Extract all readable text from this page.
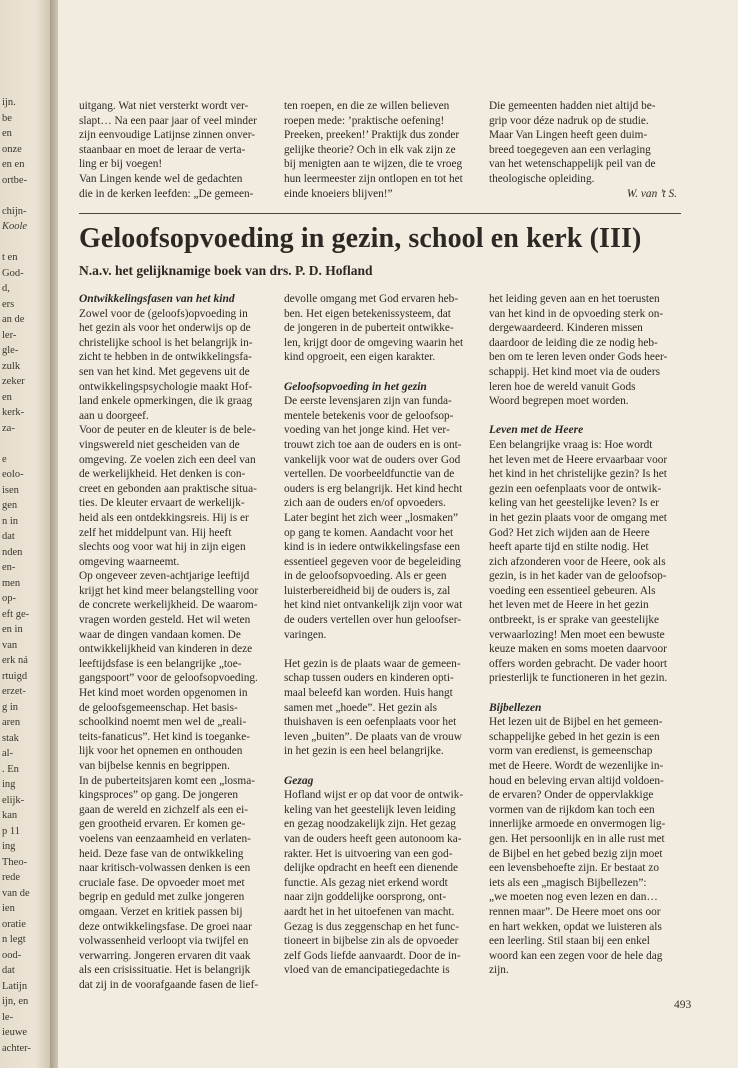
ijn.
be
en
onze
en en
ortbe-
chijn-
Koole
t en
God-
d,
ers
an de
ler-
gle-
zulk
zeker
en
kerk-
za-
e
eolo-
isen
gen
n in
dat
nden
en-
men
op-
eft ge-
en in
van
erk ná
rtuigd
erzet-
g in
aren
stak
al-
. En
ing
elijk-
kan
p 11
ing
Theo-
rede
van de
ien
oratie
n legt
ood-
dat
Latijn
ijn, en
le-
ieuwe
achter-

uitgang. Wat niet versterkt wordt ver-

slapt… Na een paar jaar of veel minder

zijn eenvoudige Latijnse zinnen onver-

staanbaar en moet de leraar de verta-

ling er bij voegen!

Van Lingen kende wel de gedachten

die in de kerken leefden: „De gemeen-

ten roepen, en die ze willen believen

roepen mede: ’praktische oefening!

Preeken, preeken!’ Praktijk dus zonder

gelijke theorie? Och in elk vak zijn ze

bij menigten aan te wijzen, die te vroeg

hun leermeester zijn ontlopen en tot het

einde knoeiers blijven!”

Die gemeenten hadden niet altijd be-

grip voor déze nadruk op de studie.

Maar Van Lingen heeft geen duim-

breed toegegeven aan een verlaging

van het wetenschappelijk peil van de

theologische opleiding.

W. van ’t S.

Geloofsopvoeding in gezin, school en kerk (III)
N.a.v. het gelijknamige boek van drs. P. D. Hofland

Ontwikkelingsfasen van het kind

Zowel voor de (geloofs)opvoeding in

het gezin als voor het onderwijs op de

christelijke school is het belangrijk in-

zicht te hebben in de ontwikkelingsfa-

sen van het kind. Met gegevens uit de

ontwikkelingspsychologie maakt Hof-

land enkele opmerkingen, die ik graag

aan u doorgeef.

Voor de peuter en de kleuter is de bele-

vingswereld niet gescheiden van de

omgeving. Ze voelen zich een deel van

de werkelijkheid. Het denken is con-

creet en gebonden aan praktische situa-

ties. De kleuter ervaart de werkelijk-

heid als een ontdekkingsreis. Hij is er

zelf het middelpunt van. Hij heeft

slechts oog voor wat hij in zijn eigen

omgeving waarneemt.

Op ongeveer zeven-achtjarige leeftijd

krijgt het kind meer belangstelling voor

de concrete werkelijkheid. De waarom-

vragen worden gesteld. Het wil weten

waar de dingen vandaan komen. De

ontwikkelijkheid van kinderen in deze

leeftijdsfase is een belangrijke „toe-

gangspoort” voor de geloofsopvoeding.

Het kind moet worden opgenomen in

de geloofsgemeenschap. Het basis-

schoolkind noemt men wel de „reali-

teits-fanaticus”. Het kind is toeganke-

lijk voor het opnemen en onthouden

van bijbelse kennis en begrippen.

In de puberteitsjaren komt een „losma-

kingsproces” op gang. De jongeren

gaan de wereld en zichzelf als een ei-

gen grootheid ervaren. Er komen ge-

voelens van eenzaamheid en verlaten-

heid. Deze fase van de ontwikkeling

naar kritisch-volwassen denken is een

cruciale fase. De opvoeder moet met

begrip en geduld met zulke jongeren

omgaan. Verzet en kritiek passen bij

deze ontwikkelingsfase. De groei naar

volwassenheid verloopt via twijfel en

verwarring. Jongeren ervaren dit vaak

als een crisissituatie. Het is belangrijk

dat zij in de voorafgaande fasen de lief-

devolle omgang met God ervaren heb-

ben. Het eigen betekenissysteem, dat

de jongeren in de puberteit ontwikke-

len, krijgt door de omgeving waarin het

kind opgroeit, een eigen karakter.

Geloofsopvoeding in het gezin

De eerste levensjaren zijn van funda-

mentele betekenis voor de geloofsop-

voeding van het jonge kind. Het ver-

trouwt zich toe aan de ouders en is ont-

vankelijk voor wat de ouders over God

vertellen. De voorbeeldfunctie van de

ouders is erg belangrijk. Het kind hecht

zich aan de ouders en/of opvoeders.

Later begint het zich weer „losmaken”

op gang te komen. Aandacht voor het

kind is in iedere ontwikkelingsfase een

essentieel gegeven voor de begeleiding

in de geloofsopvoeding. Als er geen

luisterbereidheid bij de ouders is, zal

het kind niet ontvankelijk zijn voor wat

de ouders vertellen over hun geloofser-

varingen.

Het gezin is de plaats waar de gemeen-

schap tussen ouders en kinderen opti-

maal beleefd kan worden. Huis hangt

samen met „hoede”. Het gezin als

thuishaven is een oefenplaats voor het

leven „buiten”. De plaats van de vrouw

in het gezin is een heel belangrijke.

Gezag

Hofland wijst er op dat voor de ontwik-

keling van het geestelijk leven leiding

en gezag noodzakelijk zijn. Het gezag

van de ouders heeft geen autonoom ka-

rakter. Het is uitvoering van een god-

delijke opdracht en heeft een dienende

functie. Als gezag niet erkend wordt

naar zijn goddelijke oorsprong, ont-

aardt het in het uitoefenen van macht.

Gezag is dus zeggenschap en het func-

tioneert in bijbelse zin als de opvoeder

zelf Gods liefde aanvaardt. Door de in-

vloed van de emancipatiegedachte is

het leiding geven aan en het toerusten

van het kind in de opvoeding sterk on-

dergewaardeerd. Kinderen missen

daardoor de leiding die ze nodig heb-

ben om te leren leven onder Gods heer-

schappij. Het kind moet via de ouders

leren hoe de wereld vanuit Gods

Woord begrepen moet worden.

Leven met de Heere

Een belangrijke vraag is: Hoe wordt

het leven met de Heere ervaarbaar voor

het kind in het christelijke gezin? Is het

gezin een oefenplaats voor de ontwik-

keling van het geestelijke leven? Is er

in het gezin plaats voor de omgang met

God? Het zich wijden aan de Heere

heeft aparte tijd en stilte nodig. Het

zich afzonderen voor de Heere, ook als

gezin, is in het kader van de geloofsop-

voeding een essentieel gebeuren. Als

het leven met de Heere in het gezin

ontbreekt, is er sprake van geestelijke

verwaarlozing! Men moet een bewuste

keuze maken en soms moeten daarvoor

offers worden gebracht. De vader hoort

priesterlijk te functioneren in het gezin.

Bijbellezen

Het lezen uit de Bijbel en het gemeen-

schappelijke gebed in het gezin is een

vorm van eredienst, is gemeenschap

met de Heere. Wordt de wezenlijke in-

houd en beleving ervan altijd voldoen-

de ervaren? Onder de oppervlakkige

vormen van de rijkdom kan toch een

innerlijke armoede en onvermogen lig-

gen. Het persoonlijk en in alle rust met

de Bijbel en het gebed bezig zijn moet

een levensbehoefte zijn. Er bestaat zo

iets als een „magisch Bijbellezen”:

„we moeten nog even lezen en dan…

rennen maar”. De Heere moet ons oor

en hart wekken, opdat we luisteren als

een leerling. Stil staan bij een enkel

woord kan een zegen voor de hele dag

zijn.

493
